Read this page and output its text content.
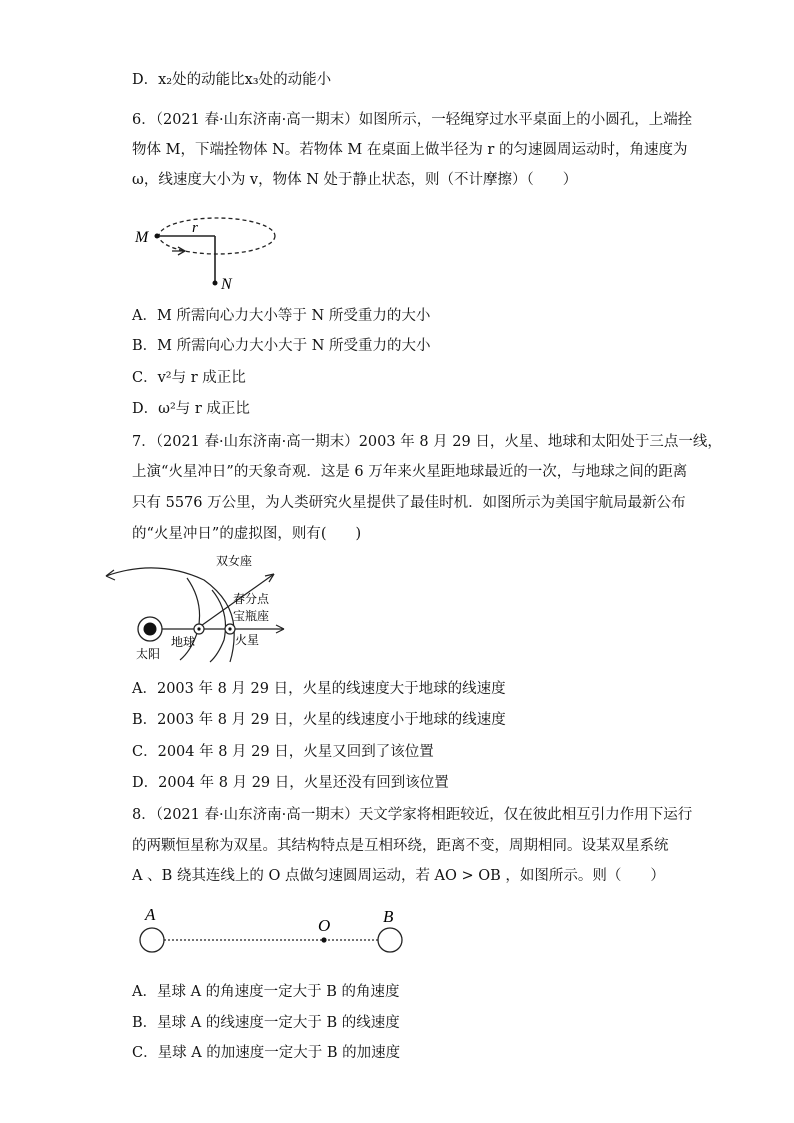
D．x₂处的动能比x₃处的动能小
6．（2021 春·山东济南·高一期末）如图所示，一轻绳穿过水平桌面上的小圆孔，上端拴
物体 M，下端拴物体 N。若物体 M 在桌面上做半径为 r 的匀速圆周运动时，角速度为
ω，线速度大小为 v，物体 N 处于静止状态，则（不计摩擦）（　　）
M
r
N
A．M 所需向心力大小等于 N 所受重力的大小
B．M 所需向心力大小大于 N 所受重力的大小
C．v²与 r 成正比
D．ω²与 r 成正比
7．（2021 春·山东济南·高一期末）2003 年 8 月 29 日，火星、地球和太阳处于三点一线，
上演“火星冲日”的天象奇观．这是 6 万年来火星距地球最近的一次，与地球之间的距离
只有 5576 万公里，为人类研究火星提供了最佳时机．如图所示为美国宇航局最新公布
的“火星冲日”的虚拟图，则有(　　)
双女座
春分点
宝瓶座
地球	火星
太阳
A．2003 年 8 月 29 日，火星的线速度大于地球的线速度
B．2003 年 8 月 29 日，火星的线速度小于地球的线速度
C．2004 年 8 月 29 日，火星又回到了该位置
D．2004 年 8 月 29 日，火星还没有回到该位置
8．（2021 春·山东济南·高一期末）天文学家将相距较近，仅在彼此相互引力作用下运行
的两颗恒星称为双星。其结构特点是互相环绕，距离不变，周期相同。设某双星系统
A 、B 绕其连线上的 O 点做匀速圆周运动，若 AO > OB ，如图所示。则（　　）
A
O	B
A．星球 A 的角速度一定大于 B 的角速度
B．星球 A 的线速度一定大于 B 的线速度
C．星球 A 的加速度一定大于 B 的加速度
